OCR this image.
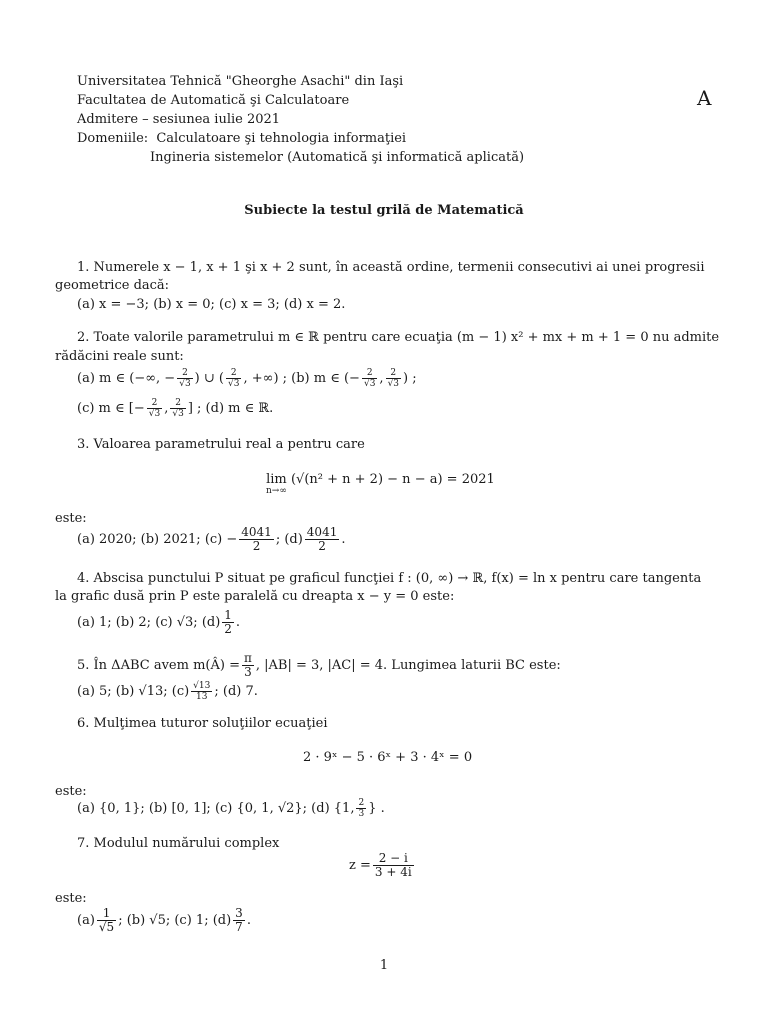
Universitatea Tehnică "Gheorghe Asachi" din Iaşi
Facultatea de Automatică şi Calculatoare
Admitere – sesiunea iulie 2021
Domeniile: Calculatoare şi tehnologia informaţiei
Ingineria sistemelor (Automatică şi informatică aplicată)
A
Subiecte la testul grilă de Matematică
1. Numerele x − 1, x + 1 şi x + 2 sunt, în această ordine, termenii consecutivi ai unei progresii
geometrice dacă:
(a) x = −3; (b) x = 0; (c) x = 3; (d) x = 2.
2. Toate valorile parametrului m ∈ ℝ pentru care ecuaţia (m − 1) x² + mx + m + 1 = 0 nu admite
rădăcini reale sunt:
(a) m ∈ (−∞, − $\frac{2}{√3}$ ) ∪ ( $\frac{2}{√3}$ , +∞) ; (b) m ∈ (− $\frac{2}{√3}$ , $\frac{2}{√3}$ ) ;
(c) m ∈ [− $\frac{2}{√3}$ , $\frac{2}{√3}$ ] ; (d) m ∈ ℝ.
3. Valoarea parametrului real a pentru care
lim
n→∞
(√(n² + n + 2) − n − a) = 2021
este:
(a) 2020; (b) 2021; $(c) - \frac{4041}{2}$ ; $(d) \frac{4041}{2}$ .
4. Abscisa punctului P situat pe graficul funcţiei f : (0, ∞) → ℝ, f(x) = ln x pentru care tangenta
la grafic dusă prin P este paralelă cu dreapta x − y = 0 este:
(a) 1; (b) 2; (c) √3; $(d) \frac{1}{2}$ .
5. În ΔABC avem m(Â) = $\frac{\pi}{3}$ , |AB| = 3, |AC| = 4. Lungimea laturii BC este:
(a) 5; (b) √13; $(c) \frac{√13}{13}$ ; (d) 7.
6. Mulţimea tuturor soluţiilor ecuaţiei
2 · 9ˣ − 5 · 6ˣ + 3 · 4ˣ = 0
este:
(a) {0, 1}; (b) [0, 1]; (c) {0, 1, √2}; (d) {1, $\frac{2}{3}$ } .
7. Modulul numărului complex
$z = \frac{2 - i}{3 + 4i}$
este:
$(a) \frac{1}{√5}$ ; (b) √5; (c) 1; $(d) \frac{3}{7}$ .
1
